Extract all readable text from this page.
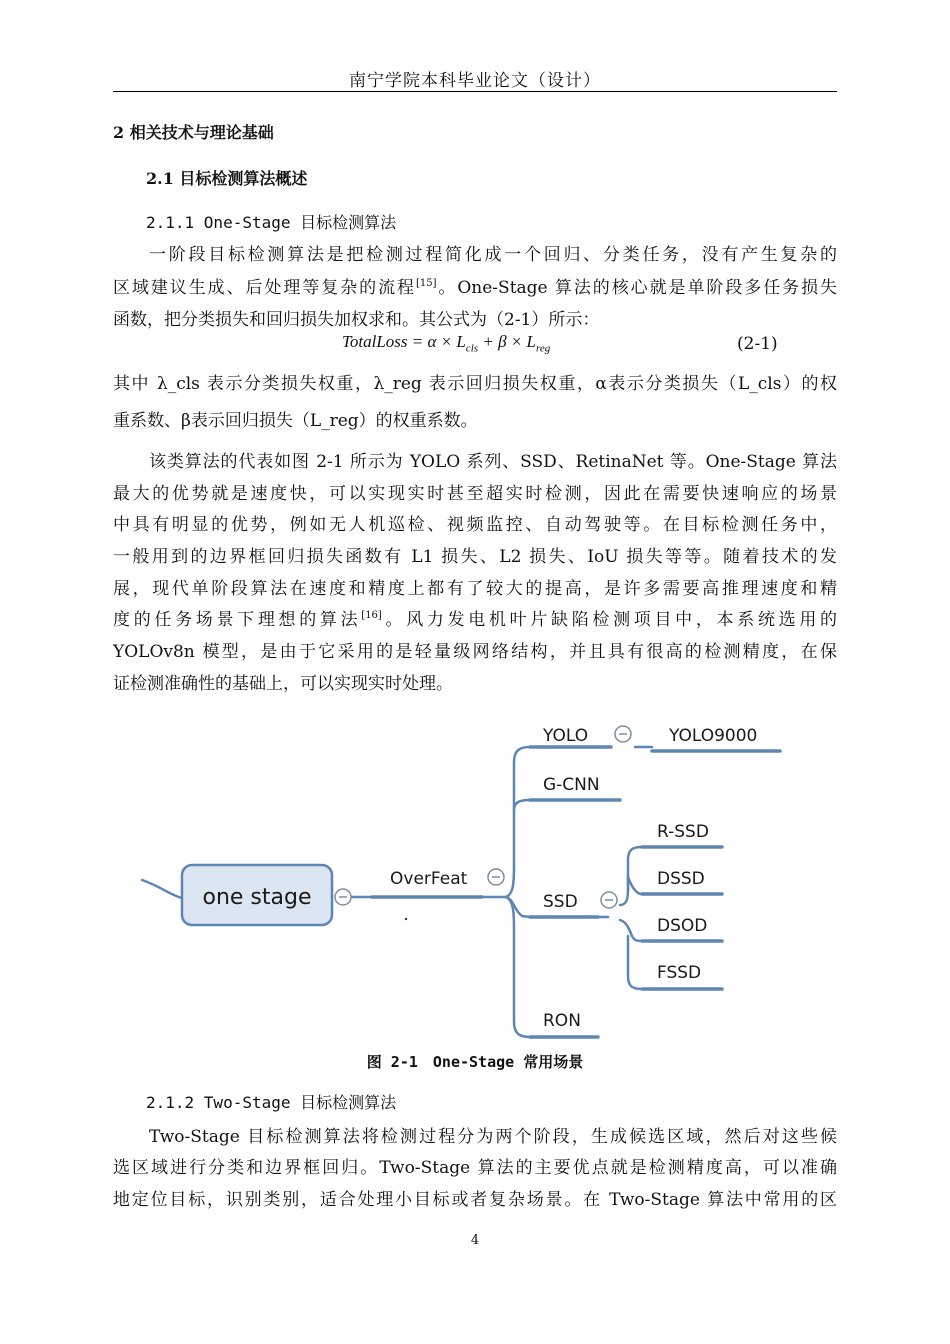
南宁学院本科毕业论文（设计）
2 相关技术与理论基础
2.1 目标检测算法概述
2.1.1 One-Stage 目标检测算法
一阶段目标检测算法是把检测过程简化成一个回归、分类任务，没有产生复杂的
区域建议生成、后处理等复杂的流程[15]。One-Stage 算法的核心就是单阶段多任务损失
函数，把分类损失和回归损失加权求和。其公式为（2-1）所示：
TotalLoss = $\alpha \times L_{cls} + \beta \times L_{reg}$	(2-1)
其中 λ_cls 表示分类损失权重，λ_reg 表示回归损失权重，α表示分类损失（L_cls）的权
重系数、β表示回归损失（L_reg）的权重系数。
该类算法的代表如图 2-1 所示为 YOLO 系列、SSD、RetinaNet 等。One-Stage 算法
最大的优势就是速度快，可以实现实时甚至超实时检测，因此在需要快速响应的场景
中具有明显的优势，例如无人机巡检、视频监控、自动驾驶等。在目标检测任务中，
一般用到的边界框回归损失函数有 L1 损失、L2 损失、IoU 损失等等。随着技术的发
展，现代单阶段算法在速度和精度上都有了较大的提高，是许多需要高推理速度和精
度的任务场景下理想的算法[16]。风力发电机叶片缺陷检测项目中，本系统选用的
YOLOv8n 模型，是由于它采用的是轻量级网络结构，并且具有很高的检测精度，在保
证检测准确性的基础上，可以实现实时处理。
one stage
OverFeat
YOLO	YOLO9000
G-CNN
SSD
RON
R-SSD
DSSD
DSOD
FSSD
图 2-1　One-Stage 常用场景
2.1.2 Two-Stage 目标检测算法
Two-Stage 目标检测算法将检测过程分为两个阶段，生成候选区域，然后对这些候
选区域进行分类和边界框回归。Two-Stage 算法的主要优点就是检测精度高，可以准确
地定位目标，识别类别，适合处理小目标或者复杂场景。在 Two-Stage 算法中常用的区
4
